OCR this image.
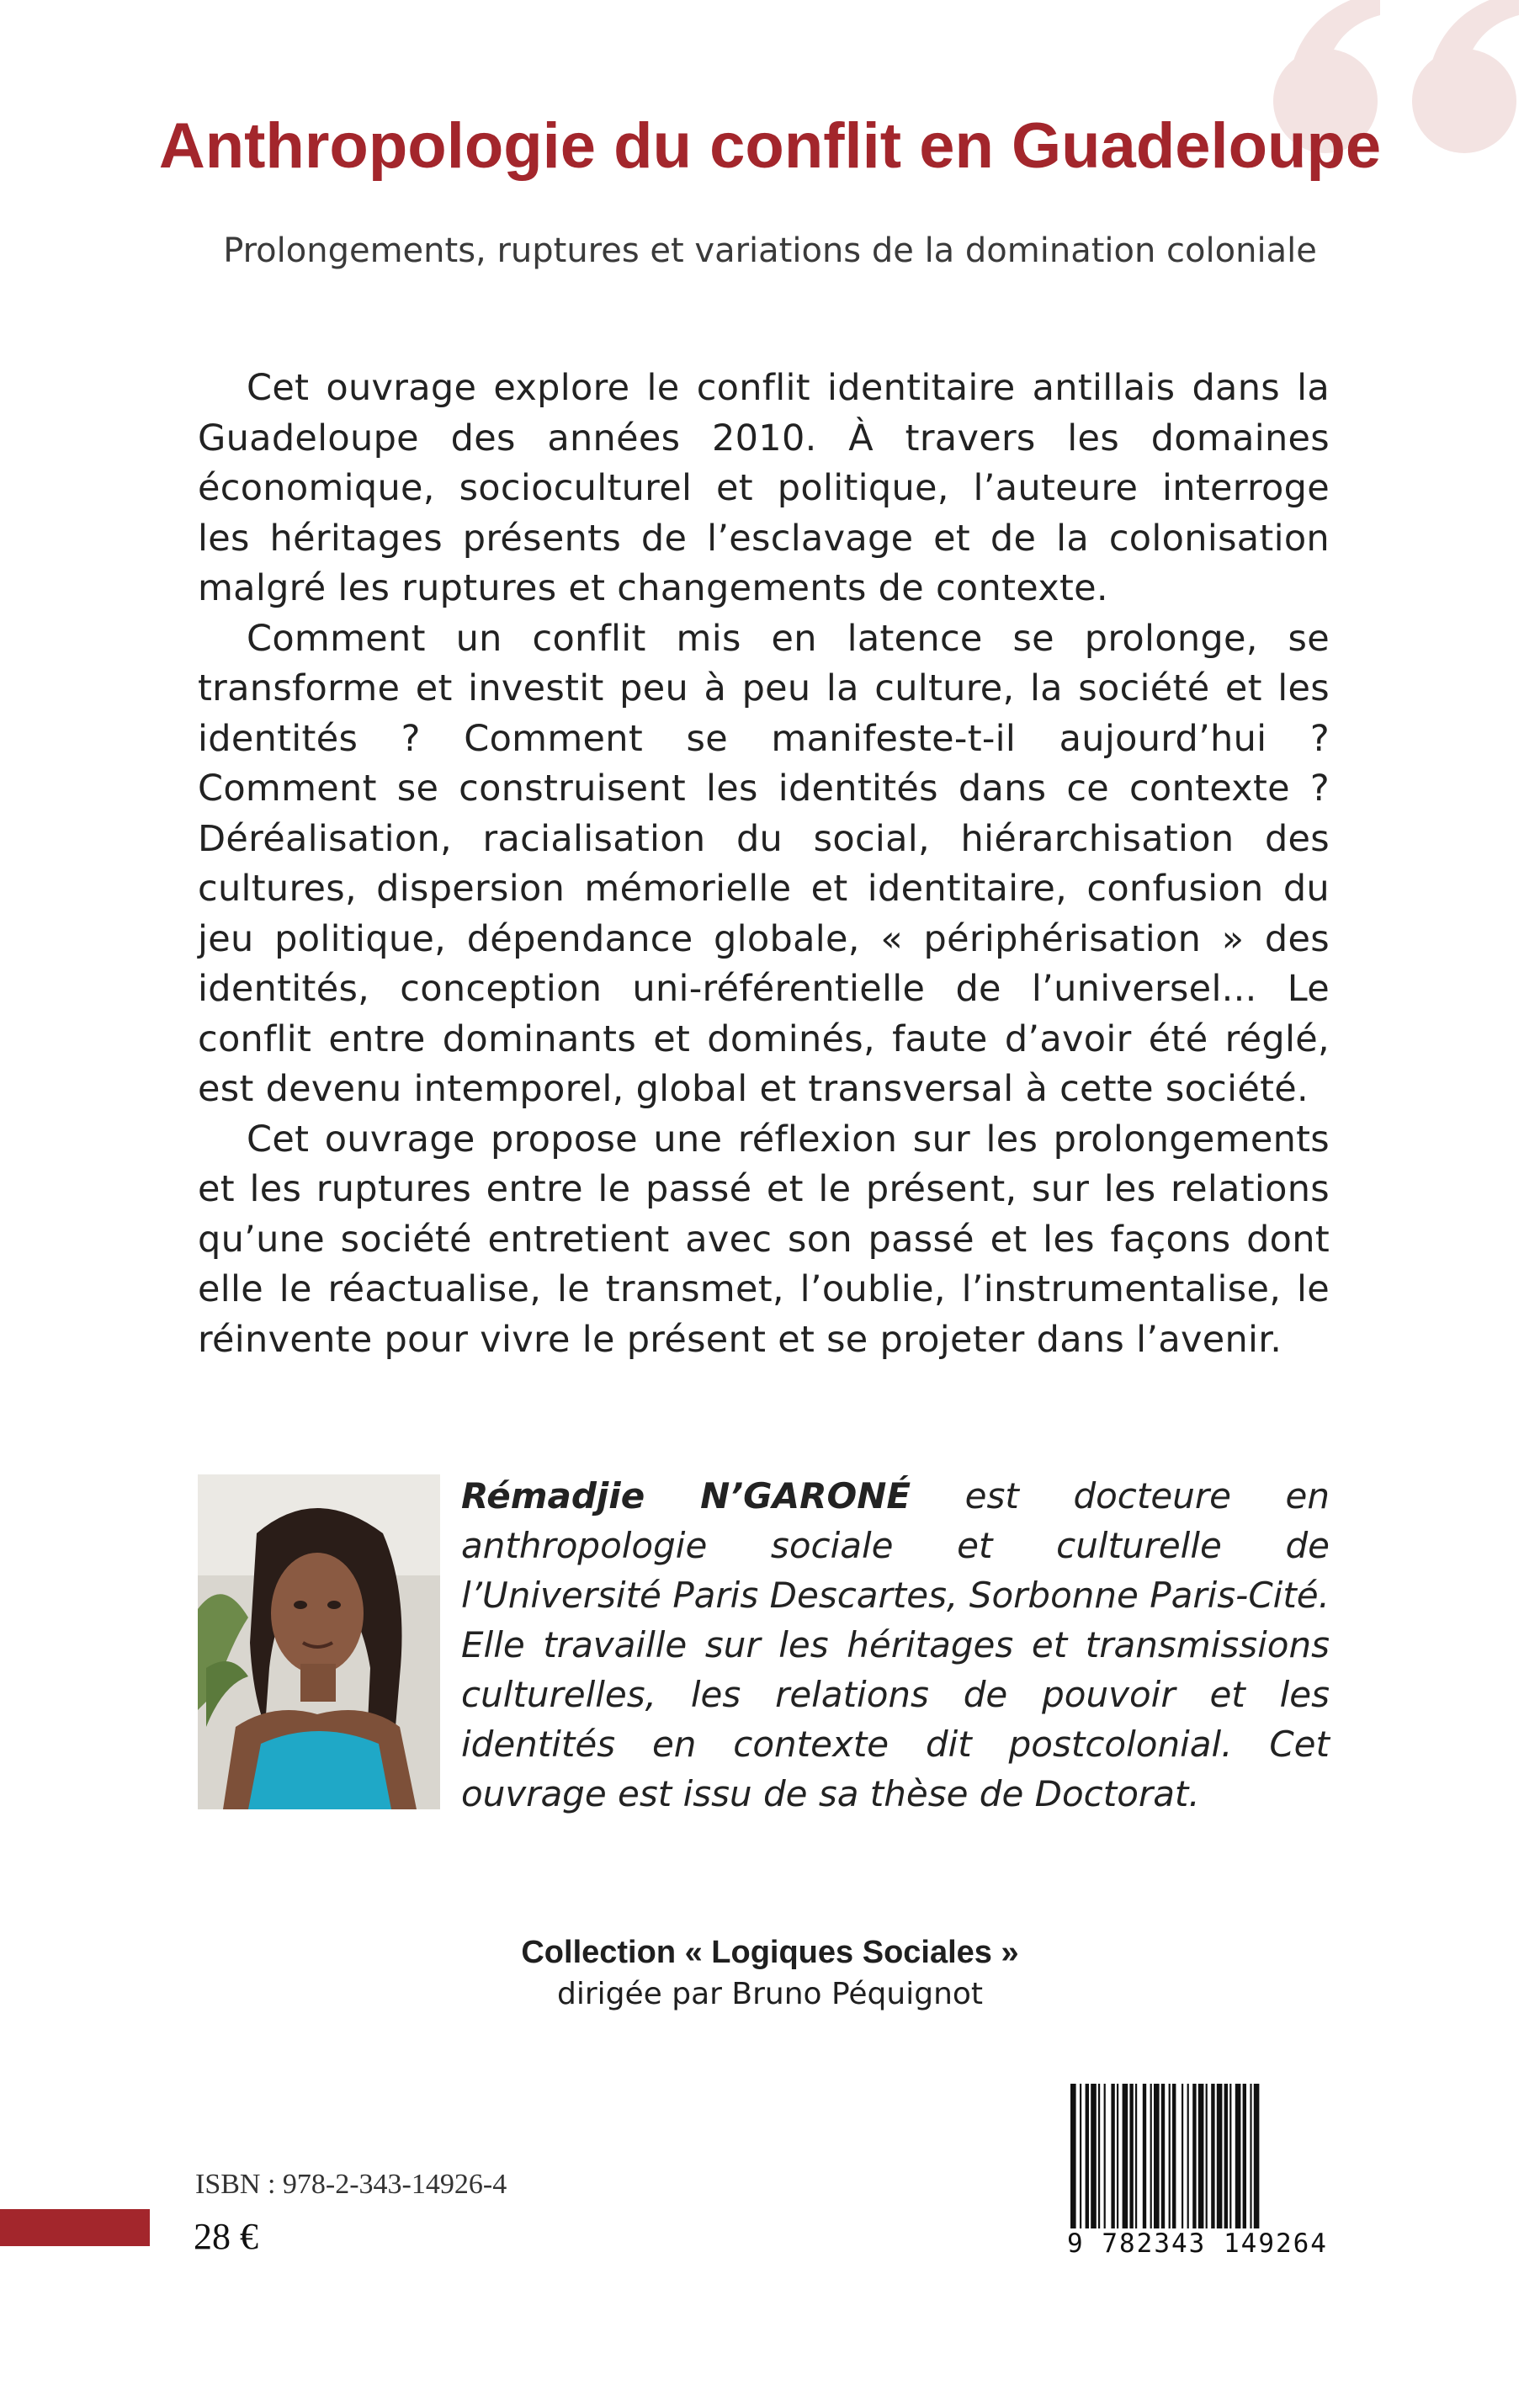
Anthropologie du conflit en Guadeloupe
Prolongements, ruptures et variations de la domination coloniale

Cet ouvrage explore le conflit identitaire antillais dans la Guadeloupe des années 2010. À travers les domaines économique, socioculturel et politique, l’auteure interroge les héritages présents de l’esclavage et de la colonisation malgré les ruptures et changements de contexte.

Comment un conflit mis en latence se prolonge, se transforme et investit peu à peu la culture, la société et les identités ? Comment se manifeste-t-il aujourd’hui ? Comment se construisent les identités dans ce contexte ? Déréalisation, racialisation du social, hiérarchisation des cultures, dispersion mémorielle et identitaire, confusion du jeu politique, dépendance globale, « périphérisation » des identités, conception uni-référentielle de l’universel... Le conflit entre dominants et dominés, faute d’avoir été réglé, est devenu intemporel, global et transversal à cette société.

Cet ouvrage propose une réflexion sur les prolongements et les ruptures entre le passé et le présent, sur les relations qu’une société entretient avec son passé et les façons dont elle le réactualise, le transmet, l’oublie, l’instrumentalise, le réinvente pour vivre le présent et se projeter dans l’avenir.

Rémadjie N’GARONÉ est docteure en anthropologie sociale et culturelle de l’Université Paris Descartes, Sorbonne Paris-Cité. Elle travaille sur les héritages et transmissions culturelles, les relations de pouvoir et les identités en contexte dit postcolonial. Cet ouvrage est issu de sa thèse de Doctorat.

Collection « Logiques Sociales »
dirigée par Bruno Péquignot
ISBN : 978-2-343-14926-4
28 €	9 782343 149264
